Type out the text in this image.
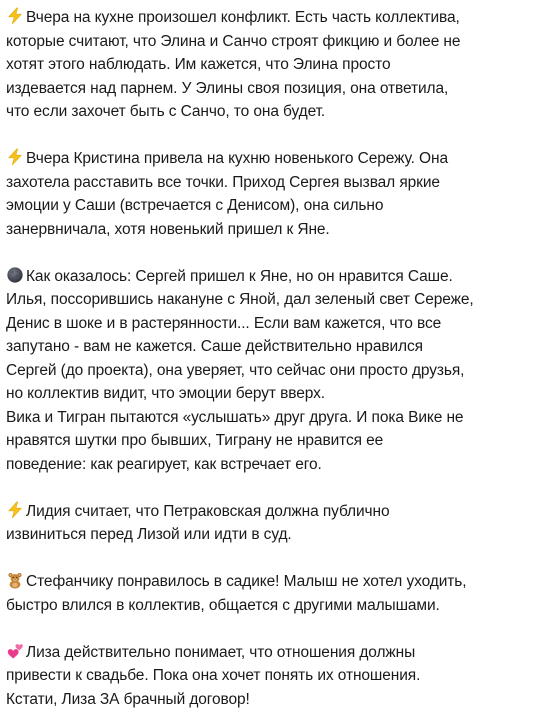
Вчера на кухне произошел конфликт. Есть часть коллектива,
которые считают, что Элина и Санчо строят фикцию и более не
хотят этого наблюдать. Им кажется, что Элина просто
издевается над парнем. У Элины своя позиция, она ответила,
что если захочет быть с Санчо, то она будет.
Вчера Кристина привела на кухню новенького Сережу. Она
захотела расставить все точки. Приход Сергея вызвал яркие
эмоции у Саши (встречается с Денисом), она сильно
занервничала, хотя новенький пришел к Яне.
Как оказалось: Сергей пришел к Яне, но он нравится Саше.
Илья, поссорившись накануне с Яной, дал зеленый свет Сереже,
Денис в шоке и в растерянности... Если вам кажется, что все
запутано - вам не кажется. Саше действительно нравился
Сергей (до проекта), она уверяет, что сейчас они просто друзья,
но коллектив видит, что эмоции берут вверх.
Вика и Тигран пытаются «услышать» друг друга. И пока Вике не
нравятся шутки про бывших, Тиграну не нравится ее
поведение: как реагирует, как встречает его.
Лидия считает, что Петраковская должна публично
извиниться перед Лизой или идти в суд.
Стефанчику понравилось в садике! Малыш не хотел уходить,
быстро влился в коллектив, общается с другими малышами.
Лиза действительно понимает, что отношения должны
привести к свадьбе. Пока она хочет понять их отношения.
Кстати, Лиза ЗА брачный договор!
